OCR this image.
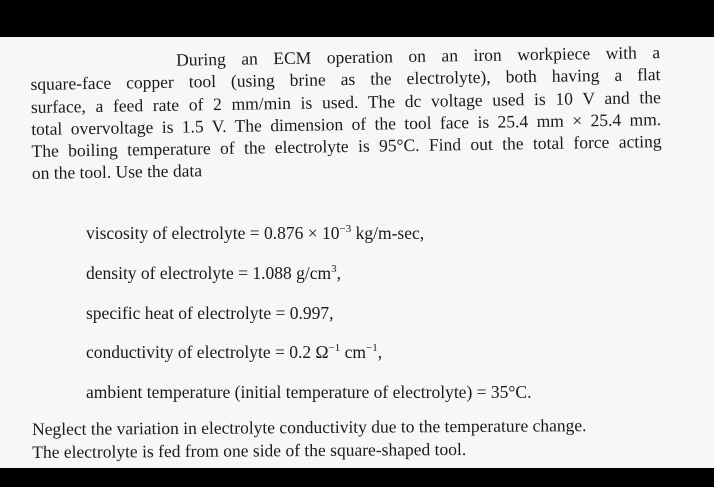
During an ECM operation on an iron workpiece with a
square-face copper tool (using brine as the electrolyte), both having a flat
surface, a feed rate of 2 mm/min is used. The dc voltage used is 10 V and the
total overvoltage is 1.5 V. The dimension of the tool face is 25.4 mm × 25.4 mm.
The boiling temperature of the electrolyte is 95°C. Find out the total force acting
on the tool. Use the data
viscosity of electrolyte = $0.876 \times 10^{-3}$ kg/m-sec,
density of electrolyte = 1.088 $g/cm^3$,
specific heat of electrolyte = 0.997,
conductivity of electrolyte = 0.2 $\Omega^{-1}$ $cm^{-1}$,
ambient temperature (initial temperature of electrolyte) = 35°C.
Neglect the variation in electrolyte conductivity due to the temperature change.
The electrolyte is fed from one side of the square-shaped tool.
